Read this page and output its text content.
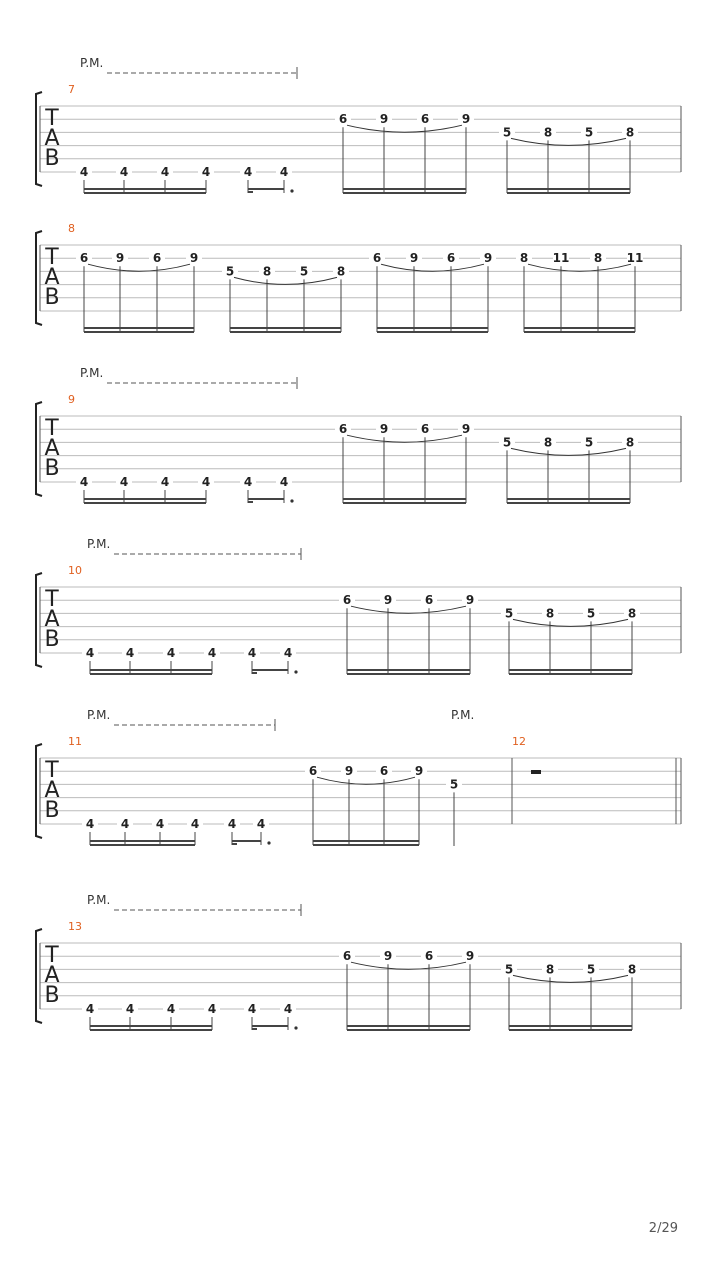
T
A
B
P.M.
7
4	4	4	4	4 4
6	9	6	9
5	8	5	8
T
A
B
8
6 9 6 9
5 8 5 8
6 9 6 9 8 11 8 11
T
A
B
P.M.
9
4	4	4	4	4 4
6	9	6	9
5	8	5	8
T
A
B
P.M.
10
4	4	4	4	4 4
6	9	6	9
5	8	5	8
T
A
B
P.M.	P.M.
11
4 4 4 4 4 4
6 9 6 9
5
12
T
A
B
P.M.
13
4	4	4	4	4 4
6	9	6	9
5	8	5	8
2/29
